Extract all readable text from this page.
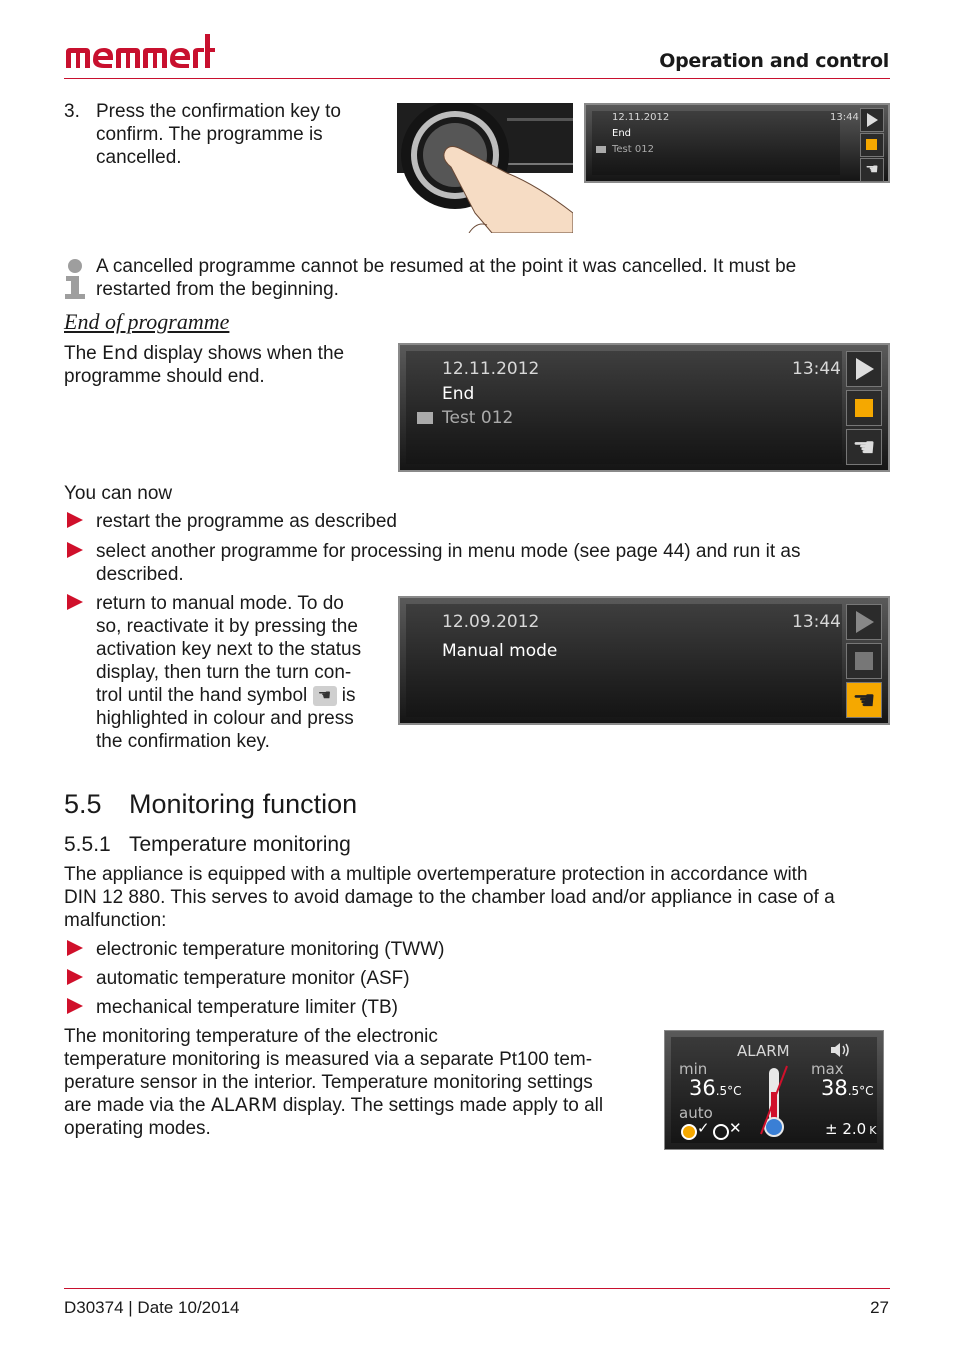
Operation and control
3. Press the confirmation key to
confirm. The programme is
cancelled.
12.11.2012	13:44
End
Test 012
☚
A cancelled programme cannot be resumed at the point it was cancelled. It must be
restarted from the beginning.
End of programme
The End display shows when the
programme should end.	12.11.2012	13:44
End
Test 012
☚
You can now
restart the programme as described
select another programme for processing in menu mode (see page 44) and run it as
described.
return to manual mode. To do
so, reactivate it by pressing the
activation key next to the status
display, then turn the turn con-
trol until the hand symbol ☚ is
highlighted in colour and press
the confirmation key.
12.09.2012	13:44
Manual mode
☚
5.5 Monitoring function
5.5.1 Temperature monitoring
The appliance is equipped with a multiple overtemperature protection in accordance with
DIN 12 880. This serves to avoid damage to the chamber load and/or appliance in case of a
malfunction:
electronic temperature monitoring (TWW)
automatic temperature monitor (ASF)
mechanical temperature limiter (TB)
The monitoring temperature of the electronic
temperature monitoring is measured via a separate Pt100 tem-
perature sensor in the interior. Temperature monitoring settings
are made via the ALARM display. The settings made apply to all
operating modes.
ALARM
min
36.5°C
max
38.5°C
auto
✓ ✕	± 2.0 K
D30374 | Date 10/2014	27
